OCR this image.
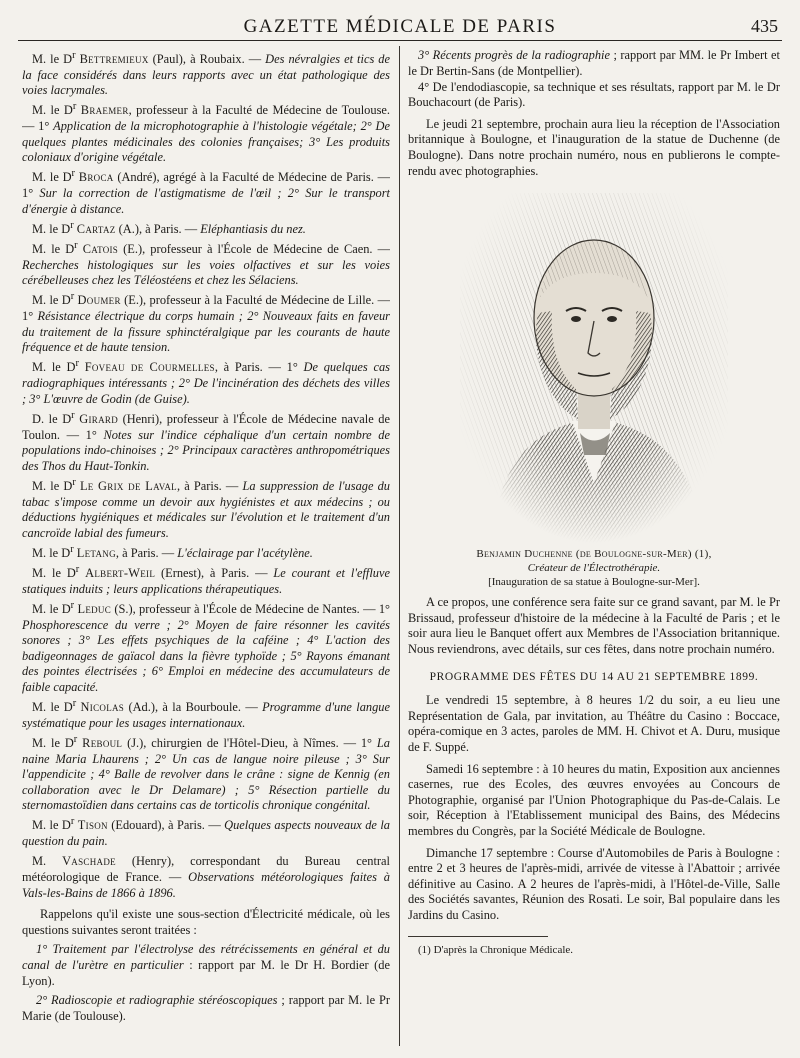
GAZETTE MÉDICALE DE PARIS	435

M. le $D^r$ Bettremieux (Paul), à Roubaix. — Des névralgies et tics de la face considérés dans leurs rapports avec un état pathologique des voies lacrymales.

M. le $D^r$ Braemer, professeur à la Faculté de Médecine de Toulouse. — 1° Application de la microphotographie à l'histologie végétale; 2° De quelques plantes médicinales des colonies françaises; 3° Les produits coloniaux d'origine végétale.

M. le $D^r$ Broca (André), agrégé à la Faculté de Médecine de Paris. — 1° Sur la correction de l'astigmatisme de l'œil ; 2° Sur le transport d'énergie à distance.

M. le $D^r$ Cartaz (A.), à Paris. — Eléphantiasis du nez.

M. le $D^r$ Catois (E.), professeur à l'École de Médecine de Caen. — Recherches histologiques sur les voies olfactives et sur les voies cérébelleuses chez les Téléostéens et chez les Sélaciens.

M. le $D^r$ Doumer (E.), professeur à la Faculté de Médecine de Lille. — 1° Résistance électrique du corps humain ; 2° Nouveaux faits en faveur du traitement de la fissure sphinctéralgique par les courants de haute fréquence et de haute tension.

M. le $D^r$ Foveau de Courmelles, à Paris. — 1° De quelques cas radiographiques intéressants ; 2° De l'incinération des déchets des villes ; 3° L'œuvre de Godin (de Guise).

D. le $D^r$ Girard (Henri), professeur à l'École de Médecine navale de Toulon. — 1° Notes sur l'indice céphalique d'un certain nombre de populations indo-chinoises ; 2° Principaux caractères anthropométriques des Thos du Haut-Tonkin.

M. le $D^r$ Le Grix de Laval, à Paris. — La suppression de l'usage du tabac s'impose comme un devoir aux hygiénistes et aux médecins ; ou déductions hygiéniques et médicales sur l'évolution et le traitement d'un cancroïde labial des fumeurs.

M. le $D^r$ Letang, à Paris. — L'éclairage par l'acétylène.

M. le $D^r$ Albert-Weil (Ernest), à Paris. — Le courant et l'effluve statiques induits ; leurs applications thérapeutiques.

M. le $D^r$ Leduc (S.), professeur à l'École de Médecine de Nantes. — 1° Phosphorescence du verre ; 2° Moyen de faire résonner les cavités sonores ; 3° Les effets psychiques de la caféine ; 4° L'action des badigeonnages de gaïacol dans la fièvre typhoïde ; 5° Rayons émanant des pointes électrisées ; 6° Emploi en médecine des accumulateurs de faible capacité.

M. le $D^r$ Nicolas (Ad.), à la Bourboule. — Programme d'une langue systématique pour les usages internationaux.

M. le $D^r$ Reboul (J.), chirurgien de l'Hôtel-Dieu, à Nîmes. — 1° La naine Maria Lhaurens ; 2° Un cas de langue noire pileuse ; 3° Sur l'appendicite ; 4° Balle de revolver dans le crâne : signe de Kennig (en collaboration avec le Dr Delamare) ; 5° Résection partielle du sternomastoïdien dans certains cas de torticolis chronique congénital.

M. le $D^r$ Tison (Edouard), à Paris. — Quelques aspects nouveaux de la question du pain.

M. Vaschade (Henry), correspondant du Bureau central météorologique de France. — Observations météorologiques faites à Vals-les-Bains de 1866 à 1896.

Rappelons qu'il existe une sous-section d'Électricité médicale, où les questions suivantes seront traitées :

1° Traitement par l'électrolyse des rétrécissements en général et du canal de l'urètre en particulier : rapport par M. le Dr H. Bordier (de Lyon).

2° Radioscopie et radiographie stéréoscopiques ; rapport par M. le Pr Marie (de Toulouse).

3° Récents progrès de la radiographie ; rapport par MM. le Pr Imbert et le Dr Bertin-Sans (de Montpellier).

4° De l'endodiascopie, sa technique et ses résultats, rapport par M. le Dr Bouchacourt (de Paris).

Le jeudi 21 septembre, prochain aura lieu la réception de l'Association britannique à Boulogne, et l'inauguration de la statue de Duchenne (de Boulogne). Dans notre prochain numéro, nous en publierons le compte-rendu avec photographies.

Benjamin Duchenne (de Boulogne-sur-Mer) (1),

Créateur de l'Électrothérapie.

[Inauguration de sa statue à Boulogne-sur-Mer].

A ce propos, une conférence sera faite sur ce grand savant, par M. le Pr Brissaud, professeur d'histoire de la médecine à la Faculté de Paris ; et le soir aura lieu le Banquet offert aux Membres de l'Association britannique. Nous reviendrons, avec détails, sur ces fêtes, dans notre prochain numéro.

PROGRAMME DES FÊTES DU 14 AU 21 SEPTEMBRE 1899.

Le vendredi 15 septembre, à 8 heures 1/2 du soir, a eu lieu une Représentation de Gala, par invitation, au Théâtre du Casino : Boccace, opéra-comique en 3 actes, paroles de MM. H. Chivot et A. Duru, musique de F. Suppé.

Samedi 16 septembre : à 10 heures du matin, Exposition aux anciennes casernes, rue des Ecoles, des œuvres envoyées au Concours de Photographie, organisé par l'Union Photographique du Pas-de-Calais. Le soir, Réception à l'Etablissement municipal des Bains, des Médecins membres du Congrès, par la Société Médicale de Boulogne.

Dimanche 17 septembre : Course d'Automobiles de Paris à Boulogne : entre 2 et 3 heures de l'après-midi, arrivée de vitesse à l'Abattoir ; arrivée définitive au Casino. A 2 heures de l'après-midi, à l'Hôtel-de-Ville, Salle des Sociétés savantes, Réunion des Rosati. Le soir, Bal populaire dans les Jardins du Casino.

(1) D'après la Chronique Médicale.
